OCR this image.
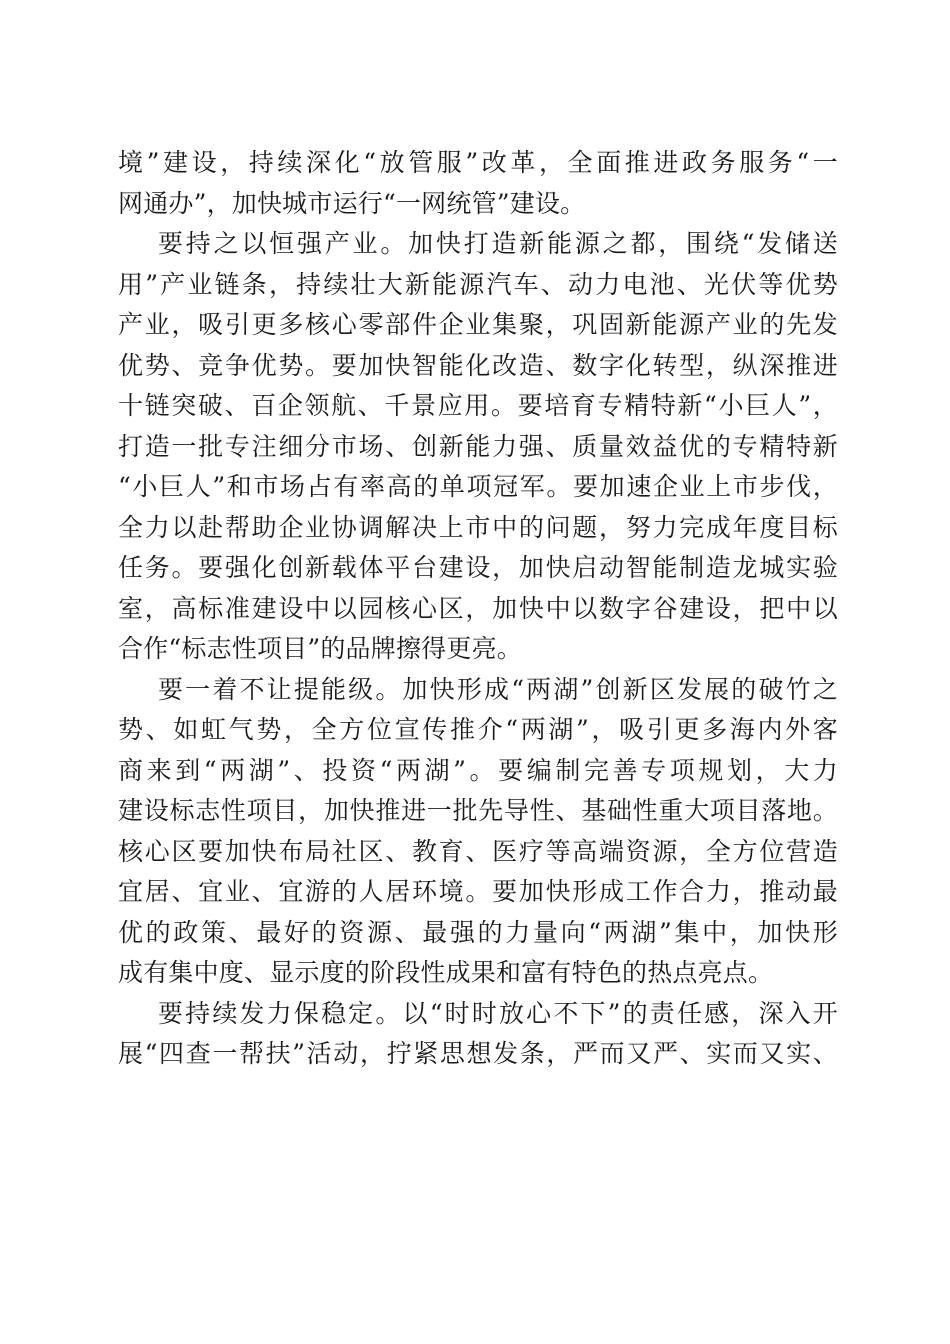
境”建设，持续深化“放管服”改革，全面推进政务服务“一
网通办”，加快城市运行“一网统管”建设。
要持之以恒强产业。加快打造新能源之都，围绕“发储送
用”产业链条，持续壮大新能源汽车、动力电池、光伏等优势
产业，吸引更多核心零部件企业集聚，巩固新能源产业的先发
优势、竞争优势。要加快智能化改造、数字化转型，纵深推进
十链突破、百企领航、千景应用。要培育专精特新“小巨人”，
打造一批专注细分市场、创新能力强、质量效益优的专精特新
“小巨人”和市场占有率高的单项冠军。要加速企业上市步伐，
全力以赴帮助企业协调解决上市中的问题，努力完成年度目标
任务。要强化创新载体平台建设，加快启动智能制造龙城实验
室，高标准建设中以园核心区，加快中以数字谷建设，把中以
合作“标志性项目”的品牌擦得更亮。
要一着不让提能级。加快形成“两湖”创新区发展的破竹之
势、如虹气势，全方位宣传推介“两湖”，吸引更多海内外客
商来到“两湖”、投资“两湖”。要编制完善专项规划，大力
建设标志性项目，加快推进一批先导性、基础性重大项目落地。
核心区要加快布局社区、教育、医疗等高端资源，全方位营造
宜居、宜业、宜游的人居环境。要加快形成工作合力，推动最
优的政策、最好的资源、最强的力量向“两湖”集中，加快形
成有集中度、显示度的阶段性成果和富有特色的热点亮点。
要持续发力保稳定。以“时时放心不下”的责任感，深入开
展“四查一帮扶”活动，拧紧思想发条，严而又严、实而又实、
